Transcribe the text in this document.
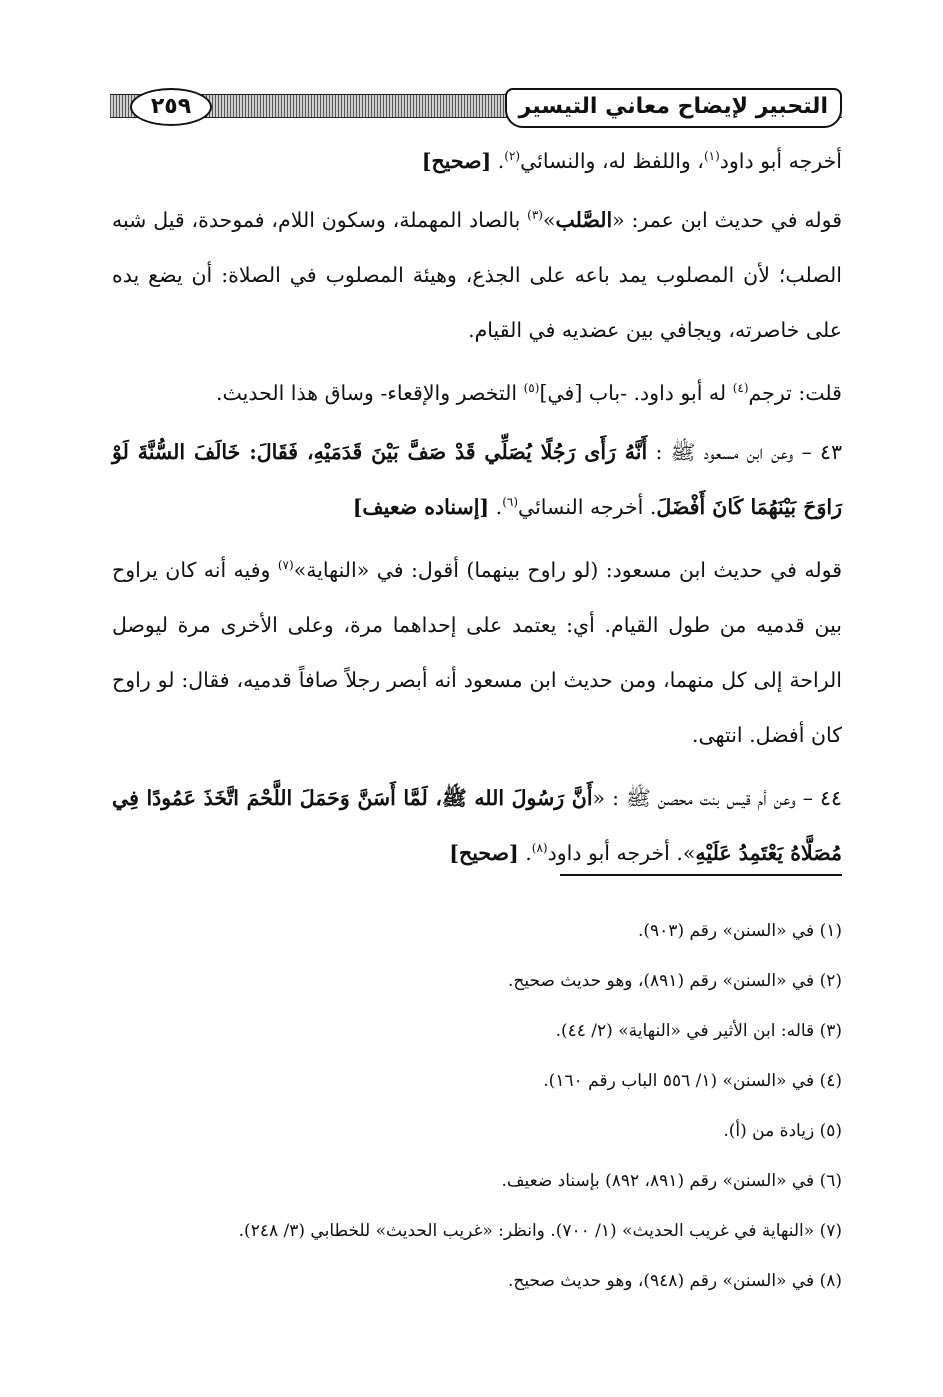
التحبير لإيضاح معاني التيسير
٢٥٩

أخرجه أبو داود$^{(١)}$، واللفظ له، والنسائي$^{(٢)}$. [صحيح]

قوله في حديث ابن عمر: «الصَّلب»$^{(٣)}$ بالصاد المهملة، وسكون اللام، فموحدة، قيل شبه الصلب؛ لأن المصلوب يمد باعه على الجذع، وهيئة المصلوب في الصلاة: أن يضع يده على خاصرته، ويجافي بين عضديه في القيام.

قلت: ترجم$^{(٤)}$ له أبو داود. -باب [في]$^{(٥)}$ التخصر والإقعاء- وساق هذا الحديث.

٤٣ – وعن ابن مسعود ﷺ : أَنَّهُ رَأَى رَجُلًا يُصَلِّي قَدْ صَفَّ بَيْنَ قَدَمَيْهِ، فَقَالَ: خَالَفَ السُّنَّةَ لَوْ رَاوَحَ بَيْنَهُمَا كَانَ أَفْضَلَ. أخرجه النسائي$^{(٦)}$. [إسناده ضعيف]

قوله في حديث ابن مسعود: (لو راوح بينهما) أقول: في «النهاية»$^{(٧)}$ وفيه أنه كان يراوح بين قدميه من طول القيام. أي: يعتمد على إحداهما مرة، وعلى الأخرى مرة ليوصل الراحة إلى كل منهما، ومن حديث ابن مسعود أنه أبصر رجلاً صافاً قدميه، فقال: لو راوح كان أفضل. انتهى.

٤٤ – وعن أم قيس بنت محصن ﷺ : «أَنَّ رَسُولَ الله ﷺ، لَمَّا أَسَنَّ وَحَمَلَ اللَّحْمَ اتَّخَذَ عَمُودًا فِي مُصَلَّاهُ يَعْتَمِدُ عَلَيْهِ». أخرجه أبو داود$^{(٨)}$. [صحيح]

(١) في «السنن» رقم (٩٠٣).
(٢) في «السنن» رقم (٨٩١)، وهو حديث صحيح.
(٣) قاله: ابن الأثير في «النهاية» (٢/ ٤٤).
(٤) في «السنن» (١/ ٥٥٦ الباب رقم ١٦٠).
(٥) زيادة من (أ).
(٦) في «السنن» رقم (٨٩١، ٨٩٢) بإسناد ضعيف.
(٧) «النهاية في غريب الحديث» (١/ ٧٠٠). وانظر: «غريب الحديث» للخطابي (٣/ ٢٤٨).
(٨) في «السنن» رقم (٩٤٨)، وهو حديث صحيح.
